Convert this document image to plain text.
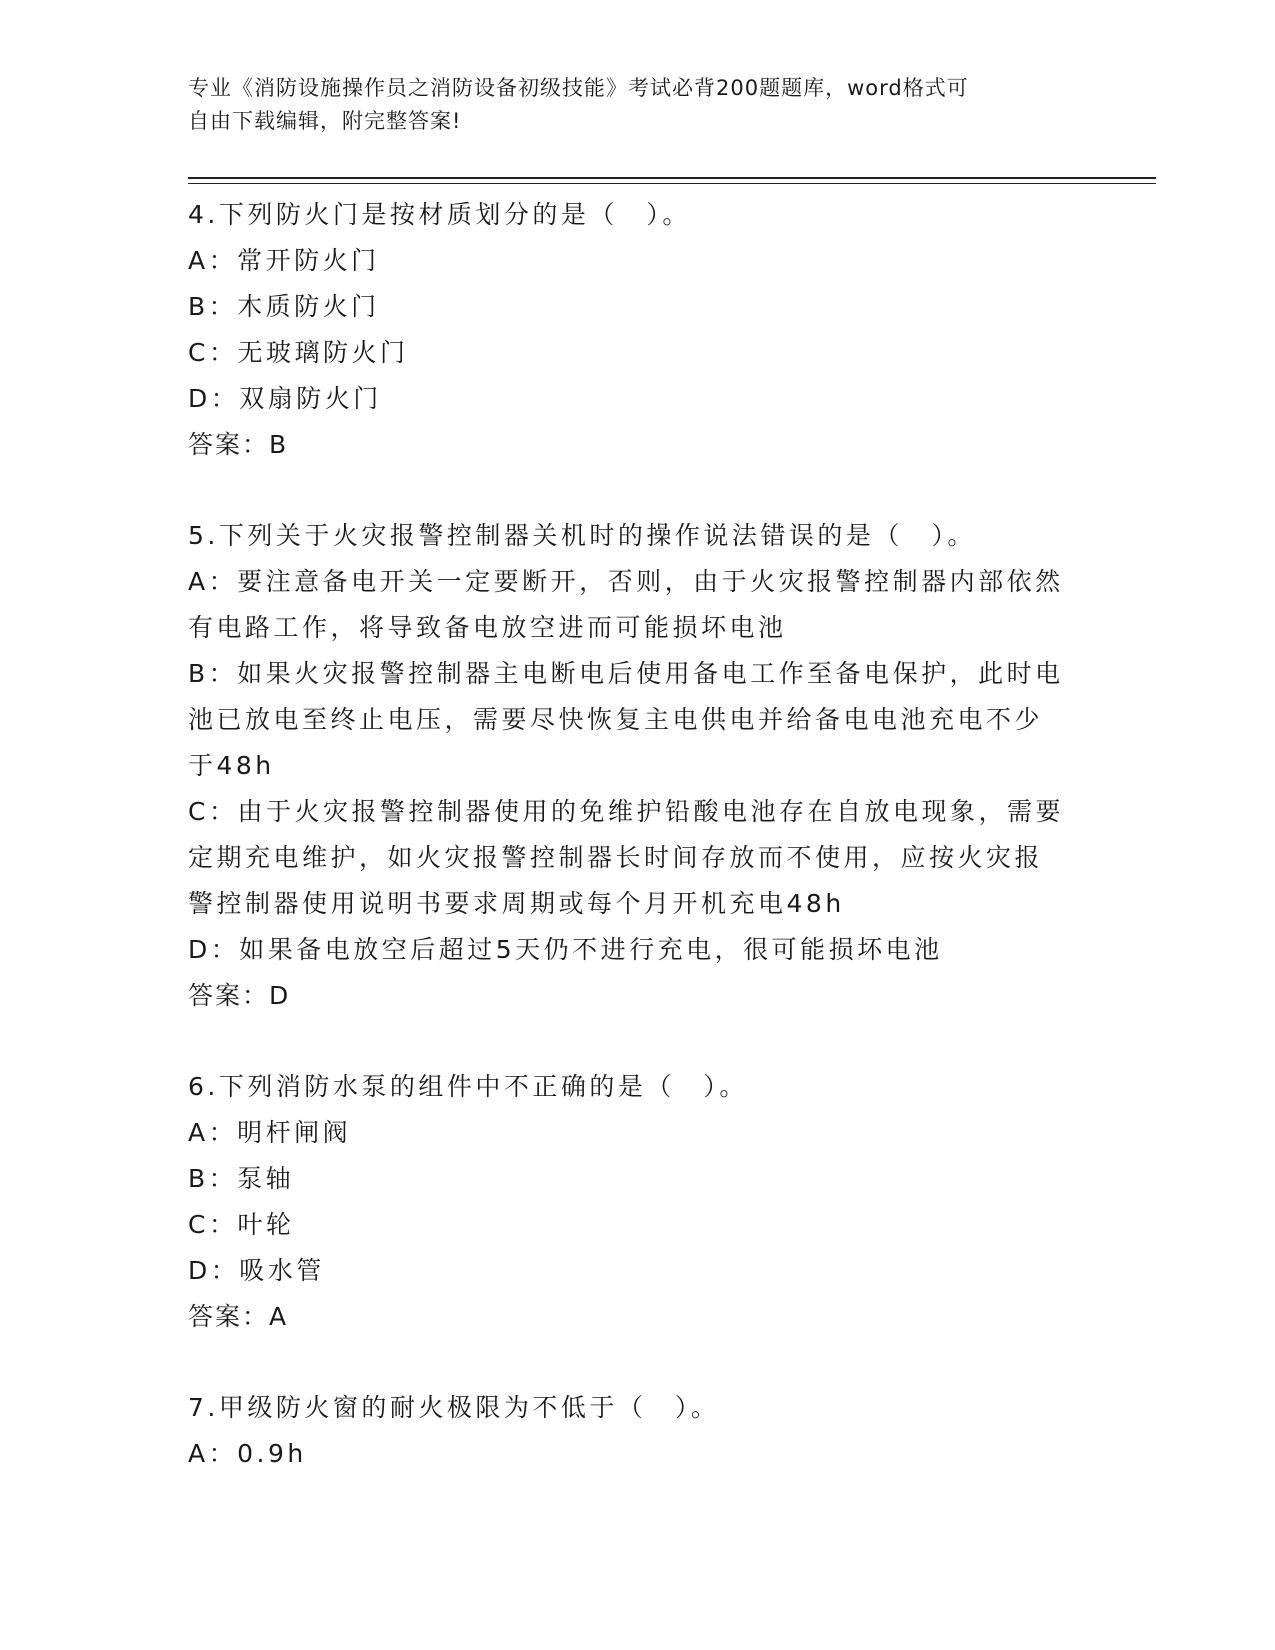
专业《消防设施操作员之消防设备初级技能》考试必背200题题库，word格式可
自由下载编辑，附完整答案!
4.下列防火门是按材质划分的是（　）。
A：常开防火门
B：木质防火门
C：无玻璃防火门
D：双扇防火门
答案：B
5.下列关于火灾报警控制器关机时的操作说法错误的是（　）。
A：要注意备电开关一定要断开，否则，由于火灾报警控制器内部依然
有电路工作，将导致备电放空进而可能损坏电池
B：如果火灾报警控制器主电断电后使用备电工作至备电保护，此时电
池已放电至终止电压，需要尽快恢复主电供电并给备电电池充电不少
于48h
C：由于火灾报警控制器使用的免维护铅酸电池存在自放电现象，需要
定期充电维护，如火灾报警控制器长时间存放而不使用，应按火灾报
警控制器使用说明书要求周期或每个月开机充电48h
D：如果备电放空后超过5天仍不进行充电，很可能损坏电池
答案：D
6.下列消防水泵的组件中不正确的是（　）。
A：明杆闸阀
B：泵轴
C：叶轮
D：吸水管
答案：A
7.甲级防火窗的耐火极限为不低于（　）。
A：0.9h
